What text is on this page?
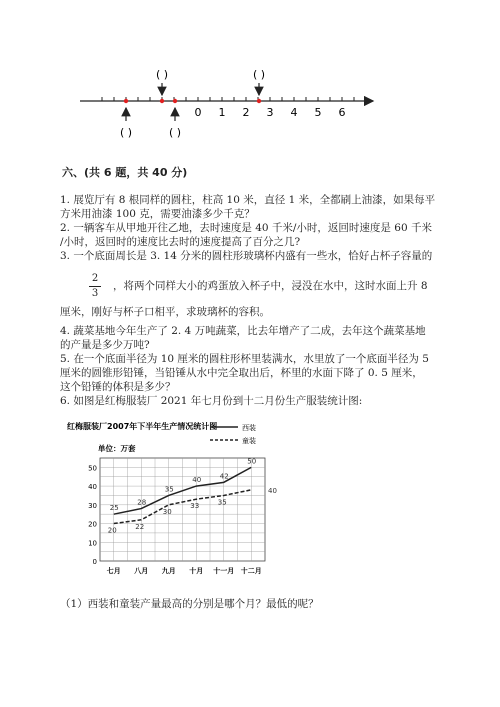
0 1 2 3 4 5 6
( )	( )
( )	( )
六、(共 6 题，共 40 分)
1. 展览厅有 8 根同样的圆柱，柱高 10 米，直径 1 米，全都刷上油漆，如果每平
方米用油漆 100 克，需要油漆多少千克？
2. 一辆客车从甲地开往乙地，去时速度是 40 千米/小时，返回时速度是 60 千米
/小时，返回时的速度比去时的速度提高了百分之几?
3. 一个底面周长是 3. 14 分米的圆柱形玻璃杯内盛有一些水，恰好占杯子容量的
2
3
，将两个同样大小的鸡蛋放入杯子中，浸没在水中，这时水面上升 8
厘米，刚好与杯子口相平，求玻璃杯的容积。
4. 蔬菜基地今年生产了 2. 4 万吨蔬菜，比去年增产了二成，去年这个蔬菜基地
的产量是多少万吨?
5. 在一个底面半径为 10 厘米的圆柱形杯里装满水，水里放了一个底面半径为 5
厘米的圆锥形铅锤，当铅锤从水中完全取出后，杯里的水面下降了 0. 5 厘米，
这个铅锤的体积是多少？
6. 如图是红梅服装厂 2021 年七月份到十二月份生产服装统计图:
红梅服装厂2007年下半年生产情况统计图
单位：万套
西装
童装
0
10
20
30
40
50
七月 八月 九月 十月 十一月 十二月
25
28
35
40	42
50
20	22
30
33	35
40
（1）西装和童装产量最高的分别是哪个月？最低的呢？
